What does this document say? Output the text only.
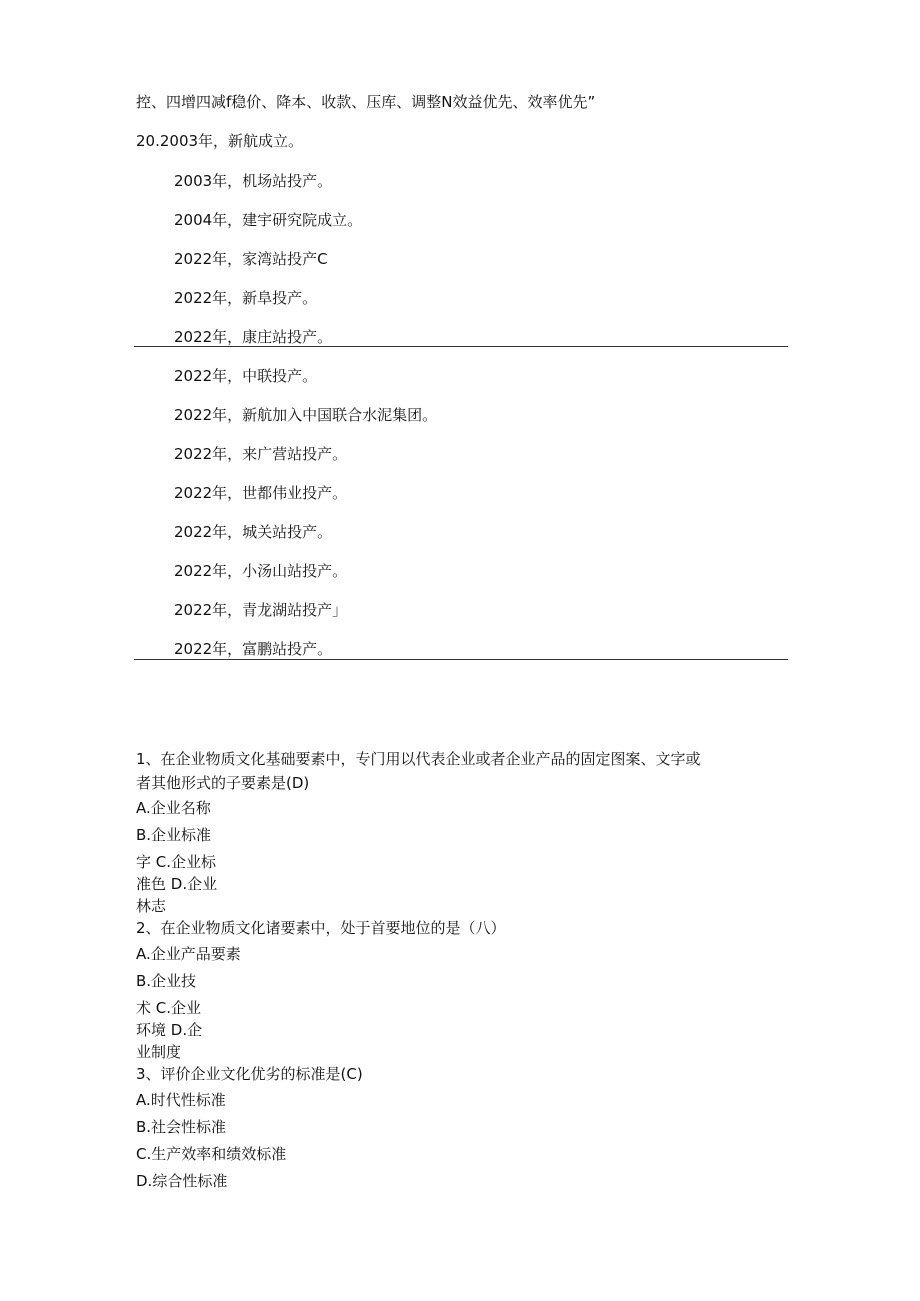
控、四增四减f稳价、降本、收款、压库、调整N效益优先、效率优先”
20.2003年，新航成立。
2003年，机场站投产。
2004年，建宇研究院成立。
2022年，家湾站投产C
2022年，新阜投产。
2022年，康庄站投产。
2022年，中联投产。
2022年，新航加入中国联合水泥集团。
2022年，来广营站投产。
2022年，世都伟业投产。
2022年，城关站投产。
2022年，小汤山站投产。
2022年，青龙湖站投产」
2022年，富鹏站投产。
1、在企业物质文化基础要素中，专门用以代表企业或者企业产品的固定图案、文字或
者其他形式的子要素是(D)
A.企业名称
B.企业标准
字 C.企业标
准色 D.企业
林志
2、在企业物质文化诸要素中，处于首要地位的是（八）
A.企业产品要素
B.企业技
术 C.企业
环境 D.企
业制度
3、评价企业文化优劣的标准是(C)
A.时代性标准
B.社会性标准
C.生产效率和绩效标准
D.综合性标准
